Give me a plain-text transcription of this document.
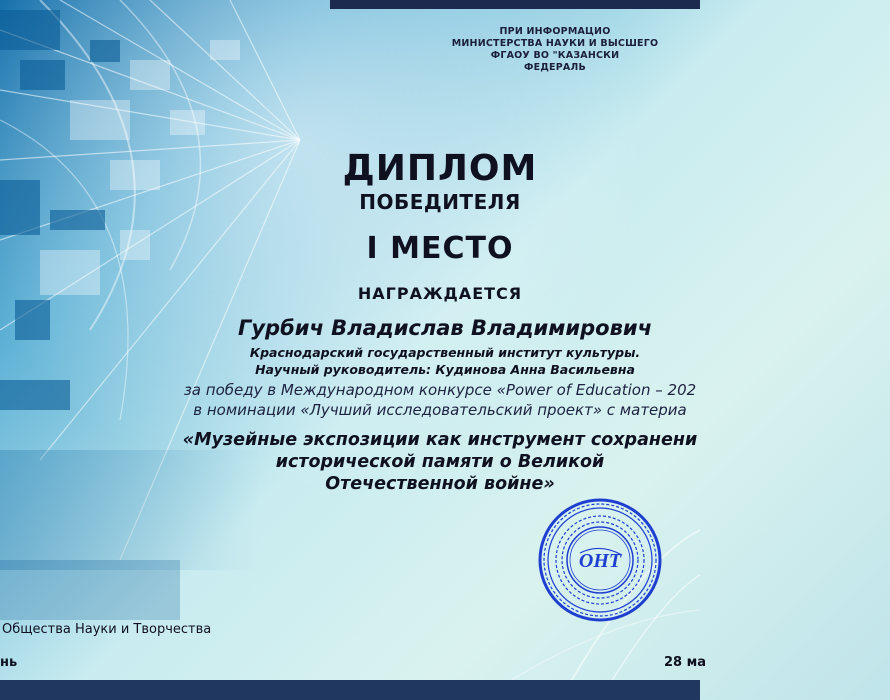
ПРИ ИНФОРМАЦИО
МИНИСТЕРСТВА НАУКИ И ВЫСШЕГО
ФГАОУ ВО "КАЗАНСКИ
ФЕДЕРАЛЬ
ДИПЛОМ
ПОБЕДИТЕЛЯ
I МЕСТО
НАГРАЖДАЕТСЯ
Гурбич Владислав Владимирович
Краснодарский государственный институт культуры.
Научный руководитель: Кудинова Анна Васильевна
за победу в Международном конкурсе «Power of Education – 202
в номинации «Лучший исследовательский проект» с материа
«Музейные экспозиции как инструмент сохранени
исторической памяти о Великой
Отечественной войне»
ОНТ
Общества Науки и Творчества
нь	28 ма
